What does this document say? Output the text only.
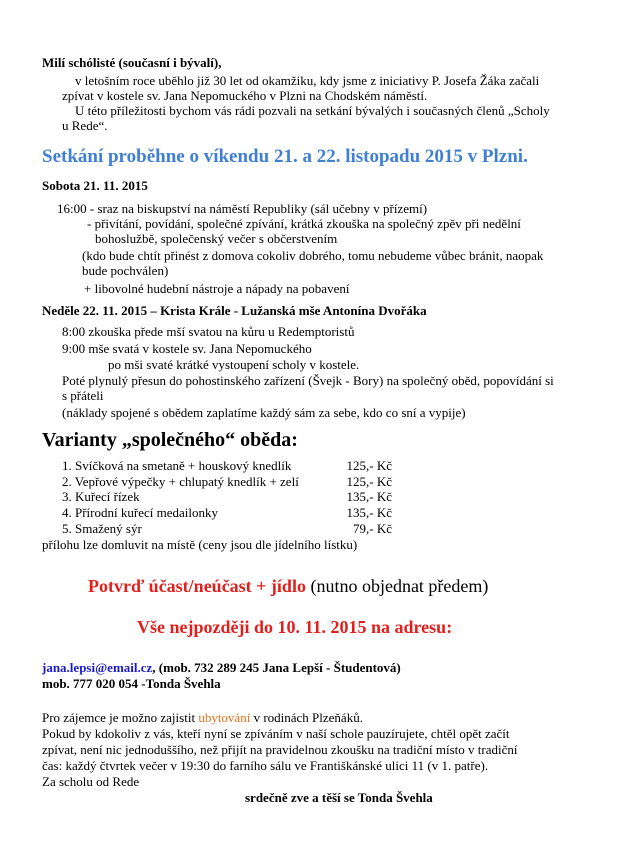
Milí schólisté (současní i bývalí),
v letošním roce uběhlo již 30 let od okamžiku, kdy jsme z iniciativy P. Josefa Žáka začali
zpívat v kostele sv. Jana Nepomuckého v Plzni na Chodském náměstí.
U této příležitosti bychom vás rádi pozvali na setkání bývalých i současných členů „Scholy
u Rede“.
Setkání proběhne o víkendu 21. a 22. listopadu 2015 v Plzni.
Sobota 21. 11. 2015
16:00 - sraz na biskupství na náměstí Republiky (sál učebny v přízemí)
- přivítání, povídání, společné zpívání, krátká zkouška na společný zpěv při nedělní
bohoslužbě, společenský večer s občerstvením
(kdo bude chtít přinést z domova cokoliv dobrého, tomu nebudeme vůbec bránit, naopak
bude pochválen)
+ libovolné hudební nástroje a nápady na pobavení
Neděle 22. 11. 2015 – Krista Krále - Lužanská mše Antonína Dvořáka
8:00 zkouška přede mší svatou na kůru u Redemptoristů
9:00 mše svatá v kostele sv. Jana Nepomuckého
po mši svaté krátké vystoupení scholy v kostele.
Poté plynulý přesun do pohostinského zařízení (Švejk - Bory) na společný oběd, popovídání si
s přáteli
(náklady spojené s obědem zaplatíme každý sám za sebe, kdo co sní a vypije)
Varianty „společného“ oběda:
1. Svíčková na smetaně + houskový knedlík	125,- Kč
2. Vepřové výpečky + chlupatý knedlík + zelí	125,- Kč
3. Kuřecí řízek	135,- Kč
4. Přírodní kuřecí medailonky	135,- Kč
5. Smažený sýr	79,- Kč
přílohu lze domluvit na místě (ceny jsou dle jídelního lístku)
Potvrď účast/neúčast + jídlo (nutno objednat předem)
Vše nejpozději do 10. 11. 2015 na adresu:
jana.lepsi@email.cz, (mob. 732 289 245 Jana Lepší - Študentová)
mob. 777 020 054 -Tonda Švehla
Pro zájemce je možno zajistit ubytování v rodinách Plzeňáků.
Pokud by kdokoliv z vás, kteří nyní se zpíváním v naší schole pauzírujete, chtěl opět začít
zpívat, není nic jednoduššího, než přijít na pravidelnou zkoušku na tradiční místo v tradiční
čas: každý čtvrtek večer v 19:30 do farního sálu ve Františkánské ulici 11 (v 1. patře).
Za scholu od Rede
srdečně zve a těší se Tonda Švehla
